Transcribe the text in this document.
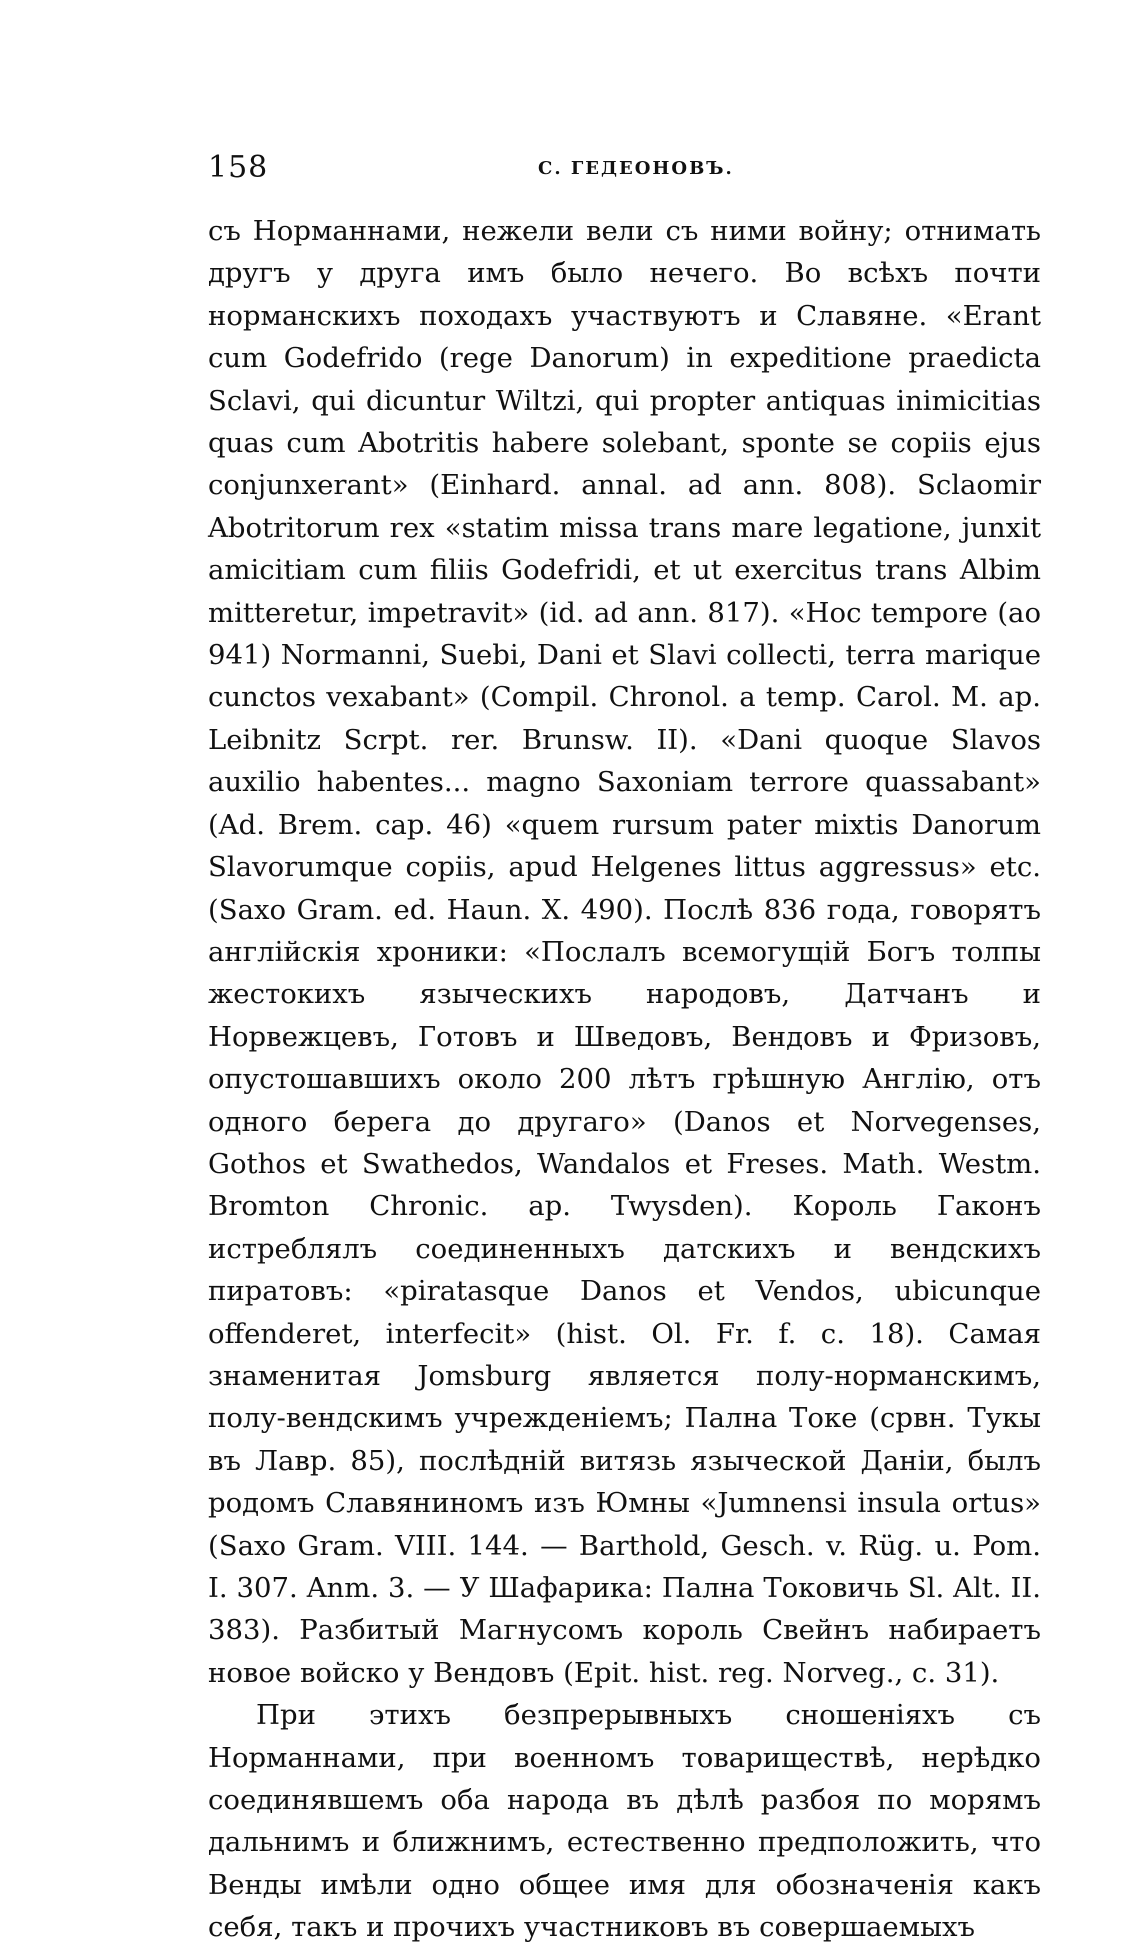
158	С. ГЕДЕОНОВЪ.

съ Норманнами, нежели вели съ ними войну; отнимать другъ у друга имъ было нечего. Во всѣхъ почти норманскихъ походахъ участвуютъ и Славяне. «Erant cum Godefrido (rege Danorum) in expeditione praedicta Sclavi, qui dicuntur Wiltzi, qui propter antiquas inimicitias quas cum Abotritis habere solebant, sponte se copiis ejus conjunxerant» (Einhard. annal. ad ann. 808). Sclaomir Abotritorum rex «statim missa trans mare legatione, junxit amicitiam cum filiis Godefridi, et ut exercitus trans Albim mitteretur, impetravit» (id. ad ann. 817). «Hoc tempore (ao 941) Normanni, Suebi, Dani et Slavi collecti, terra marique cunctos vexabant» (Compil. Chronol. a temp. Carol. M. ap. Leibnitz Scrpt. rer. Brunsw. II). «Dani quoque Slavos auxilio habentes... magno Saxoniam terrore quassabant» (Ad. Brem. cap. 46) «quem rursum pater mixtis Danorum Slavorumque copiis, apud Helgenes littus aggressus» etc. (Saxo Gram. ed. Haun. X. 490). Послѣ 836 года, говорятъ англійскія хроники: «Послалъ всемогущій Богъ толпы жестокихъ языческихъ народовъ, Датчанъ и Норвежцевъ, Готовъ и Шведовъ, Вендовъ и Фризовъ, опустошавшихъ около 200 лѣтъ грѣшную Англію, отъ одного берега до другаго» (Danos et Norvegenses, Gothos et Swathedos, Wandalos et Freses. Math. Westm. Bromton Chronic. ap. Twysden). Король Гаконъ истреблялъ соединенныхъ датскихъ и вендскихъ пиратовъ: «piratasque Danos et Vendos, ubicunque offenderet, interfecit» (hist. Ol. Fr. f. c. 18). Самая знаменитая Jomsburg является полу-норманскимъ, полу-вендскимъ учрежденіемъ; Пална Токе (срвн. Тукы въ Лавр. 85), послѣдній витязь языческой Даніи, былъ родомъ Славяниномъ изъ Юмны «Jumnensi insula ortus» (Saxo Gram. VIII. 144. — Barthold, Gesch. v. Rüg. u. Pom. I. 307. Anm. 3. — У Шафарика: Пална Токовичь Sl. Alt. II. 383). Разбитый Магнусомъ король Свейнъ набираетъ новое войско у Вендовъ (Epit. hist. reg. Norveg., c. 31).

При этихъ безпрерывныхъ сношеніяхъ съ Норманнами, при военномъ товариществѣ, нерѣдко соединявшемъ оба народа въ дѣлѣ разбоя по морямъ дальнимъ и ближнимъ, естественно предположить, что Венды имѣли одно общее имя для обозначенія какъ себя, такъ и прочихъ участниковъ въ совершаемыхъ
